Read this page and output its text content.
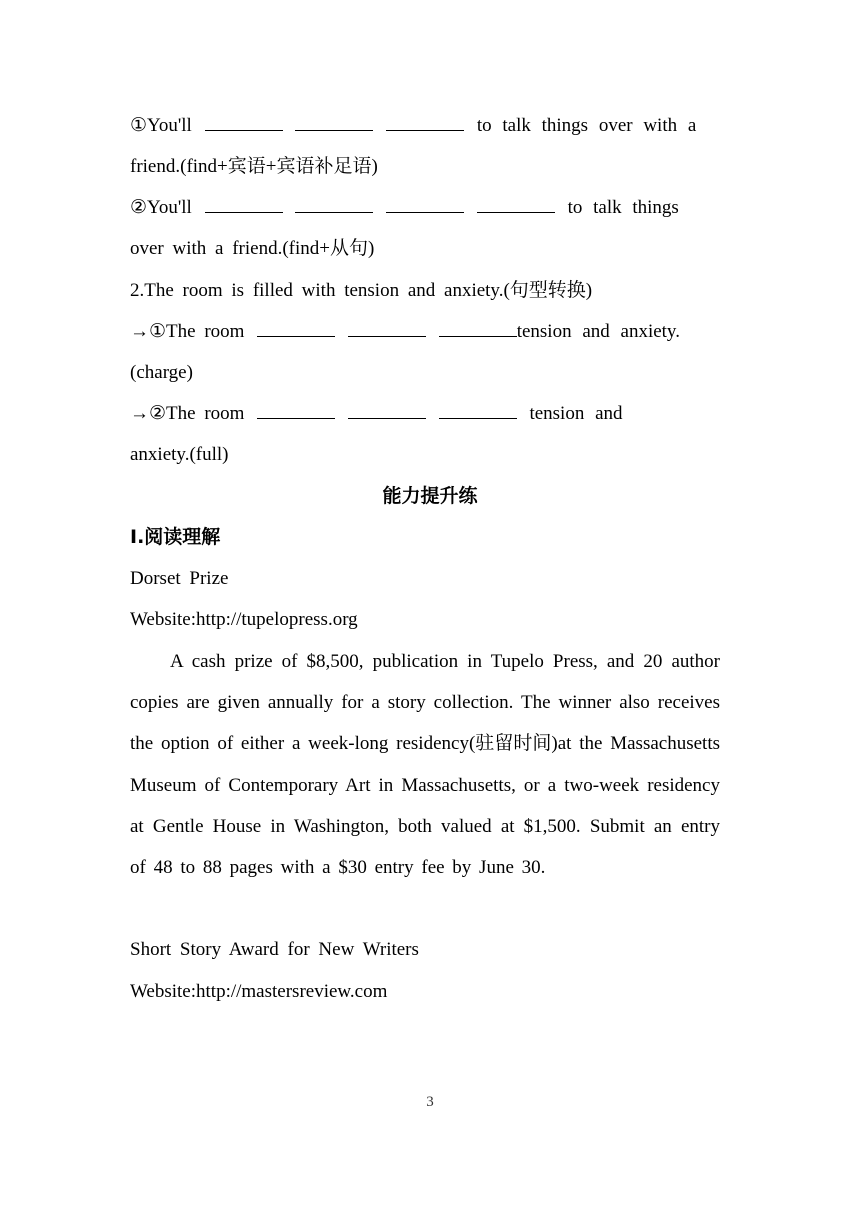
①You'll	to talk things over with a
friend.(find+宾语+宾语补足语)
②You'll	to talk things
over with a friend.(find+从句)
2.The room is filled with tension and anxiety.(句型转换)
→①The room	tension and anxiety.
(charge)
→②The room	tension and
anxiety.(full)
能力提升练
Ⅰ.阅读理解
Dorset Prize
Website:http://tupelopress.org
A cash prize of $8,500, publication in Tupelo Press, and 20 author copies are given annually for a story collection. The winner also receives the option of either a week-long residency(驻留时间)at the Massachusetts Museum of Contemporary Art in Massachusetts, or a two-week residency at Gentle House in Washington, both valued at $1,500. Submit an entry of 48 to 88 pages with a $30 entry fee by June 30.
Short Story Award for New Writers
Website:http://mastersreview.com
3
